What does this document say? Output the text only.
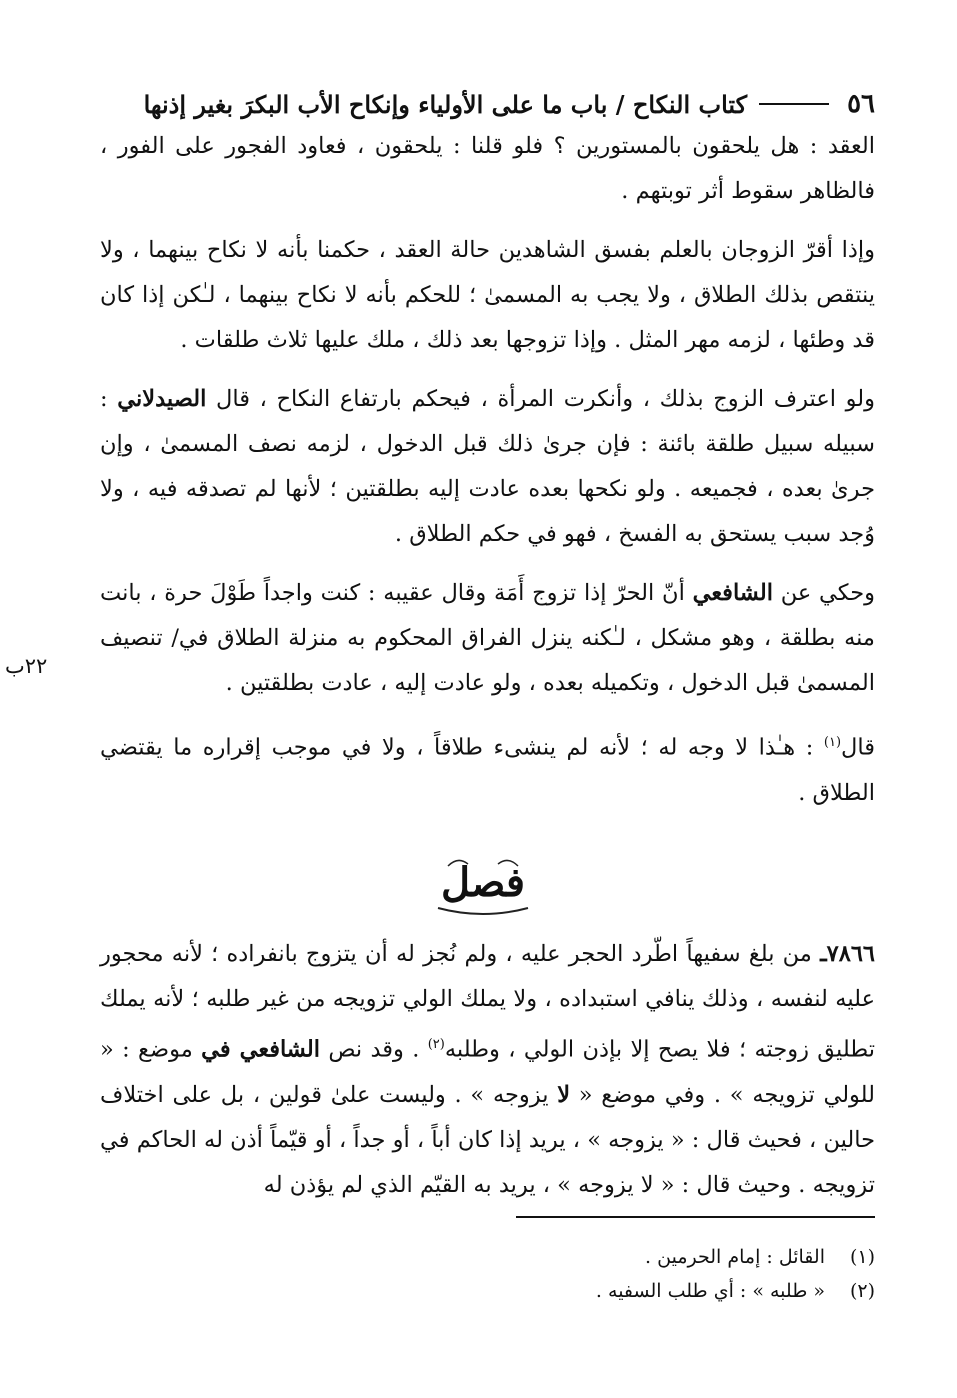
٥٦
كتاب النكاح / باب ما على الأولياء وإنكاح الأب البكرَ بغير إذنها
٢٢ب

العقد : هل يلحقون بالمستورين ؟ فلو قلنا : يلحقون ، فعاود الفجور على الفور ، فالظاهر سقوط أثر توبتهم .

وإذا أقرّ الزوجان بالعلم بفسق الشاهدين حالة العقد ، حكمنا بأنه لا نكاح بينهما ، ولا ينتقص بذلك الطلاق ، ولا يجب به المسمىٰ ؛ للحكم بأنه لا نكاح بينهما ، لـٰكن إذا كان قد وطئها ، لزمه مهر المثل . وإذا تزوجها بعد ذلك ، ملك عليها ثلاث طلقات .

ولو اعترف الزوج بذلك ، وأنكرت المرأة ، فيحكم بارتفاع النكاح ، قال الصيدلاني : سبيله سبيل طلقة بائنة : فإن جرىٰ ذلك قبل الدخول ، لزمه نصف المسمىٰ ، وإن جرىٰ بعده ، فجميعه . ولو نكحها بعده عادت إليه بطلقتين ؛ لأنها لم تصدقه فيه ، ولا وُجد سبب يستحق به الفسخ ، فهو في حكم الطلاق .

وحكي عن الشافعي أنّ الحرّ إذا تزوج أَمَة وقال عقيبه : كنت واجداً طَوْلَ حرة ، بانت منه بطلقة ، وهو مشكل ، لـٰكنه ينزل الفراق المحكوم به منزلة الطلاق في/ تنصيف المسمىٰ قبل الدخول ، وتكميله بعده ، ولو عادت إليه ، عادت بطلقتين .

قال$^{(١)}$ : هـٰذا لا وجه له ؛ لأنه لم ينشىء طلاقاً ، ولا في موجب إقراره ما يقتضي الطلاق .

فصل

٧٨٦٦ـ من بلغ سفيهاً اطّرد الحجر عليه ، ولم نُجز له أن يتزوج بانفراده ؛ لأنه محجور عليه لنفسه ، وذلك ينافي استبداده ، ولا يملك الولي تزويجه من غير طلبه ؛ لأنه يملك تطليق زوجته ؛ فلا يصح إلا بإذن الولي ، وطلبه$^{(٢)}$ . وقد نص الشافعي في موضع : « للولي تزويجه » . وفي موضع « لا يزوجه » . وليست علىٰ قولين ، بل على اختلاف حالين ، فحيث قال : « يزوجه » ، يريد إذا كان أباً ، أو جداً ، أو قيّماً أذن له الحاكم في تزويجه . وحيث قال : « لا يزوجه » ، يريد به القيّم الذي لم يؤذن له

(١)القائل : إمام الحرمين .
(٢)« طلبه » : أي طلب السفيه .
